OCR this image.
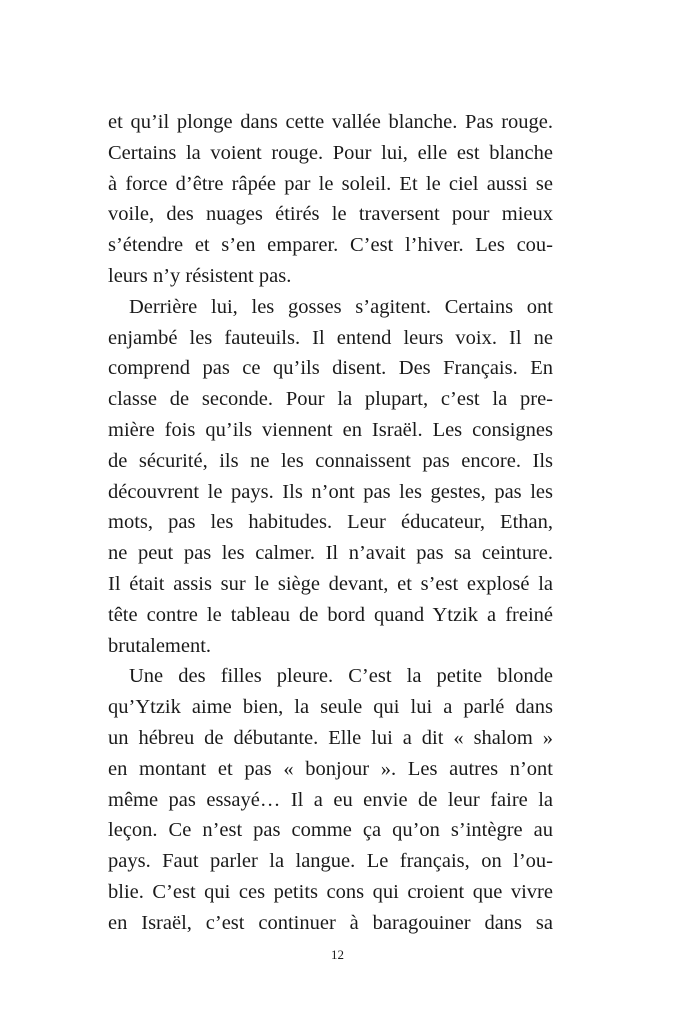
et qu’il plonge dans cette vallée blanche. Pas rouge.
Certains la voient rouge. Pour lui, elle est blanche
à force d’être râpée par le soleil. Et le ciel aussi se
voile, des nuages étirés le traversent pour mieux
s’étendre et s’en emparer. C’est l’hiver. Les cou-
leurs n’y résistent pas.
Derrière lui, les gosses s’agitent. Certains ont
enjambé les fauteuils. Il entend leurs voix. Il ne
comprend pas ce qu’ils disent. Des Français. En
classe de seconde. Pour la plupart, c’est la pre-
mière fois qu’ils viennent en Israël. Les consignes
de sécurité, ils ne les connaissent pas encore. Ils
découvrent le pays. Ils n’ont pas les gestes, pas les
mots, pas les habitudes. Leur éducateur, Ethan,
ne peut pas les calmer. Il n’avait pas sa ceinture.
Il était assis sur le siège devant, et s’est explosé la
tête contre le tableau de bord quand Ytzik a freiné
brutalement.
Une des filles pleure. C’est la petite blonde
qu’Ytzik aime bien, la seule qui lui a parlé dans
un hébreu de débutante. Elle lui a dit « shalom »
en montant et pas « bonjour ». Les autres n’ont
même pas essayé… Il a eu envie de leur faire la
leçon. Ce n’est pas comme ça qu’on s’intègre au
pays. Faut parler la langue. Le français, on l’ou-
blie. C’est qui ces petits cons qui croient que vivre
en Israël, c’est continuer à baragouiner dans sa
12
